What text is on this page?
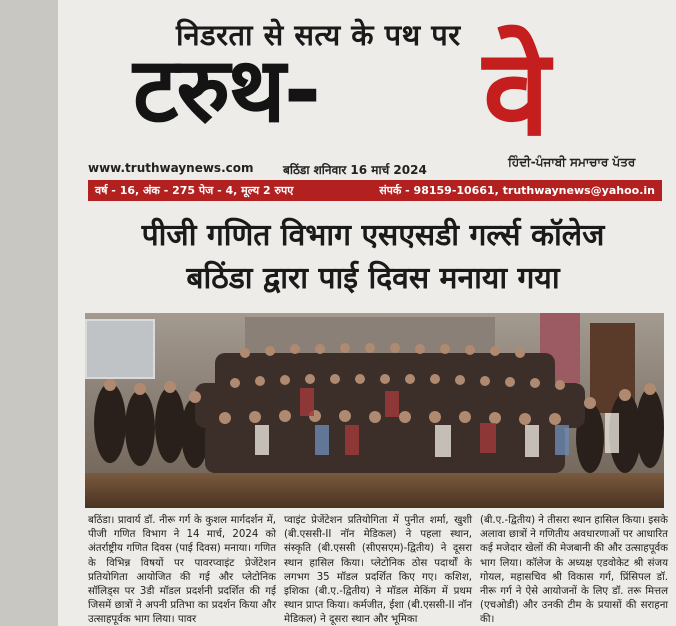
निडरता से सत्य के पथ पर
टरुथ- वे
www.truthwaynews.com बठिंडा शनिवार 16 मार्च 2024
ਹਿੰਦੀ-ਪੰਜਾਬੀ ਸਮਾਚਾਰ ਪੱਤਰ
वर्ष - 16, अंक - 275 पेज - 4, मूल्य 2 रुपए	संपर्क - 98159-10661, truthwaynews@yahoo.in
पीजी गणित विभाग एसएसडी गर्ल्स कॉलेज
बठिंडा द्वारा पाई दिवस मनाया गया
बठिंडा। प्रावार्य डॉ. नीरू गर्ग के कुशल मार्गदर्शन में, पीजी गणित विभाग ने 14 मार्च, 2024 को अंतर्राष्ट्रीय गणित दिवस (पाई दिवस) मनाया। गणित के विभिन्न विषयों पर पावरप्वाइंट प्रेजेंटेशन प्रतियोगिता आयोजित की गई और प्लेटोनिक सॉलिड्स पर 3डी मॉडल प्रदर्शनी प्रदर्शित की गई जिसमें छात्रों ने अपनी प्रतिभा का प्रदर्शन किया और उत्साहपूर्वक भाग लिया। पावर
प्वाइंट प्रेजेंटेशन प्रतियोगिता में पुनीत शर्मा, खुशी (बी.एससी-II नॉन मेडिकल) ने पहला स्थान, संस्कृति (बी.एससी (सीएसएम)-द्वितीय) ने दूसरा स्थान हासिल किया। प्लेटोनिक ठोस पदार्थों के लगभग 35 मॉडल प्रदर्शित किए गए। कशिश, इशिका (बी.ए.-द्वितीय) ने मॉडल मेकिंग में प्रथम स्थान प्राप्त किया। कर्मजीत, ईशा (बी.एससी-II नॉन मेडिकल) ने दूसरा स्थान और भूमिका
(बी.ए.-द्वितीय) ने तीसरा स्थान हासिल किया। इसके अलावा छात्रों ने गणितीय अवधारणाओं पर आधारित कई मजेदार खेलों की मेजबानी की और उत्साहपूर्वक भाग लिया। कॉलेज के अध्यक्ष एडवोकेट श्री संजय गोयल, महासचिव श्री विकास गर्ग, प्रिंसिपल डॉ. नीरू गर्ग ने ऐसे आयोजनों के लिए डॉ. तरू मित्तल (एचओडी) और उनकी टीम के प्रयासों की सराहना की।
